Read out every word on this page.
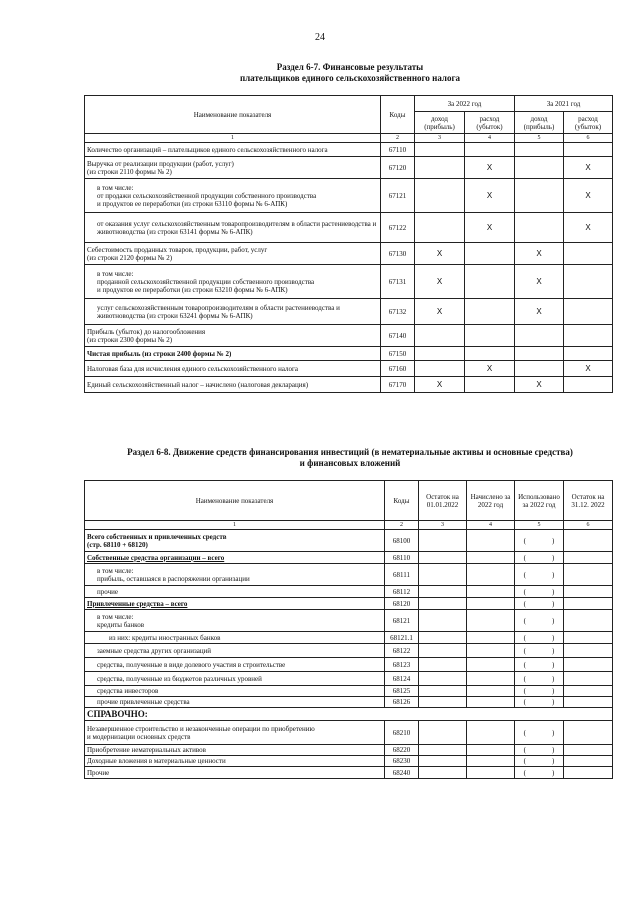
24
Раздел 6-7. Финансовые результаты
плательщиков единого сельскохозяйственного налога
Наименование показателя	Коды	За 2022 год		За 2021 год	
		доход (прибыль)	расход (убыток)	доход (прибыль)	расход (убыток)
1	2	3	4	5	6
Количество организаций – плательщиков единого сельскохозяйственного налога	67110				
Выручка от реализации продукции (работ, услуг)
(из строки 2110 формы № 2)	67120		X		X
в том числе:
от продажи сельскохозяйственной продукции собственного производства
и продуктов ее переработки (из строки 63110 формы № 6-АПК)	67121		X		X
от оказания услуг сельскохозяйственным товаропроизводителям в области растениеводства и животноводства (из строки 63141 формы № 6-АПК)	67122		X		X
Себестоимость проданных товаров, продукции, работ, услуг
(из строки 2120 формы № 2)	67130	X		X	
в том числе:
проданной сельскохозяйственной продукции собственного производства
и продуктов ее переработки (из строки 63210 формы № 6-АПК)	67131	X		X	
услуг сельскохозяйственным товаропроизводителям в области растениеводства и животноводства (из строки 63241 формы № 6-АПК)	67132	X		X	
Прибыль (убыток) до налогообложения
(из строки 2300 формы № 2)	67140				
Чистая прибыль (из строки 2400 формы № 2)	67150				
Налоговая база для исчисления единого сельскохозяйственного налога	67160		X		X
Единый сельскохозяйственный налог – начислено (налоговая декларация)	67170	X		X	
Раздел 6-8. Движение средств финансирования инвестиций (в нематериальные активы и основные средства)
и финансовых вложений
Наименование показателя	Коды	Остаток на 01.01.2022	Начислено за 2022 год	Использовано за 2022 год	Остаток на 31.12. 2022
1	2	3	4	5	6
Всего собственных и привлеченных средств
(стр. 68110 + 68120)	68100			( )	
Собственные средства организации – всего	68110			( )	
в том числе:
прибыль, оставшаяся в распоряжении организации	68111			( )	
прочие	68112			( )	
Привлеченные средства – всего	68120			( )	
в том числе:
кредиты банков	68121			( )	
из них: кредиты иностранных банков	68121.1			( )	
заемные средства других организаций	68122			( )	
средства, полученные в виде долевого участия в строительстве	68123			( )	
средства, полученные из бюджетов различных уровней	68124			( )	
средства инвесторов	68125			( )	
прочие привлеченные средства	68126			( )	
СПРАВОЧНО:					
Незавершенное строительство и незаконченные операции по приобретению
и модернизации основных средств	68210			( )	
Приобретение нематериальных активов	68220			( )	
Доходные вложения в материальные ценности	68230			( )	
Прочие	68240			( )	
